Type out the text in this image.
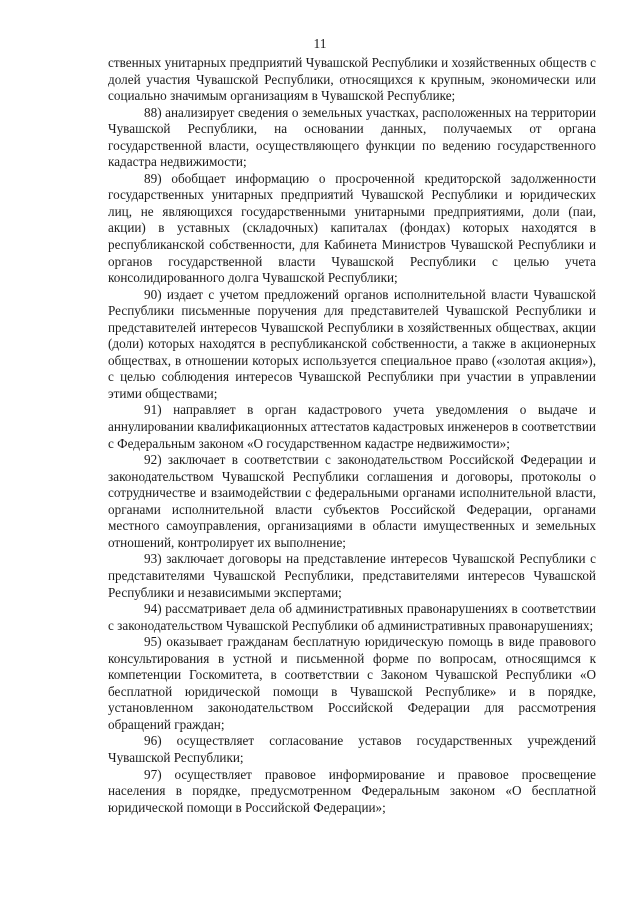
11

ственных унитарных предприятий Чувашской Республики и хозяйственных обществ с долей участия Чувашской Республики, относящихся к крупным, экономически или социально значимым организациям в Чувашской Республике;

88) анализирует сведения о земельных участках, расположенных на территории Чувашской Республики, на основании данных, получаемых от органа государственной власти, осуществляющего функции по ведению государственного кадастра недвижимости;

89) обобщает информацию о просроченной кредиторской задолженности государственных унитарных предприятий Чувашской Республики и юридических лиц, не являющихся государственными унитарными предприятиями, доли (паи, акции) в уставных (складочных) капиталах (фондах) которых находятся в республиканской собственности, для Кабинета Министров Чувашской Республики и органов государственной власти Чувашской Республики с целью учета консолидированного долга Чувашской Республики;

90) издает с учетом предложений органов исполнительной власти Чувашской Республики письменные поручения для представителей Чувашской Республики и представителей интересов Чувашской Республики в хозяйственных обществах, акции (доли) которых находятся в республиканской собственности, а также в акционерных обществах, в отношении которых используется специальное право («золотая акция»), с целью соблюдения интересов Чувашской Республики при участии в управлении этими обществами;

91) направляет в орган кадастрового учета уведомления о выдаче и аннулировании квалификационных аттестатов кадастровых инженеров в соответствии с Федеральным законом «О государственном кадастре недвижимости»;

92) заключает в соответствии с законодательством Российской Федерации и законодательством Чувашской Республики соглашения и договоры, протоколы о сотрудничестве и взаимодействии с федеральными органами исполнительной власти, органами исполнительной власти субъектов Российской Федерации, органами местного самоуправления, организациями в области имущественных и земельных отношений, контролирует их выполнение;

93) заключает договоры на представление интересов Чувашской Республики с представителями Чувашской Республики, представителями интересов Чувашской Республики и независимыми экспертами;

94) рассматривает дела об административных правонарушениях в соответствии с законодательством Чувашской Республики об административных правонарушениях;

95) оказывает гражданам бесплатную юридическую помощь в виде правового консультирования в устной и письменной форме по вопросам, относящимся к компетенции Госкомитета, в соответствии с Законом Чувашской Республики «О бесплатной юридической помощи в Чувашской Республике» и в порядке, установленном законодательством Российской Федерации для рассмотрения обращений граждан;

96) осуществляет согласование уставов государственных учреждений Чувашской Республики;

97) осуществляет правовое информирование и правовое просвещение населения в порядке, предусмотренном Федеральным законом «О бесплатной юридической помощи в Российской Федерации»;
